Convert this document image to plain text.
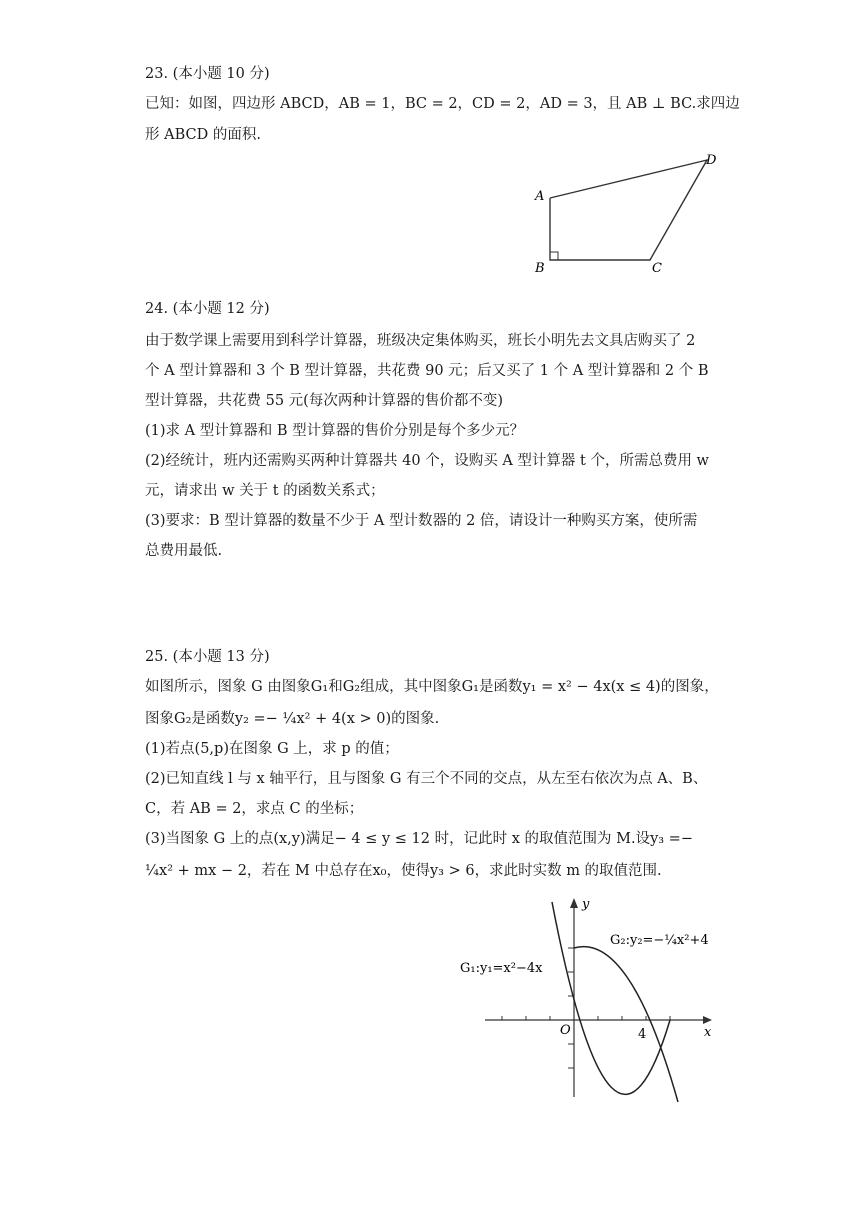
23. (本小题 10 分)
已知：如图，四边形 ABCD，AB = 1，BC = 2，CD = 2，AD = 3，且 AB ⊥ BC.求四边
形 ABCD 的面积.
A
B	C
D
24. (本小题 12 分)
由于数学课上需要用到科学计算器，班级决定集体购买，班长小明先去文具店购买了 2
个 A 型计算器和 3 个 B 型计算器，共花费 90 元；后又买了 1 个 A 型计算器和 2 个 B
型计算器，共花费 55 元(每次两种计算器的售价都不变)
(1)求 A 型计算器和 B 型计算器的售价分别是每个多少元？
(2)经统计，班内还需购买两种计算器共 40 个，设购买 A 型计算器 t 个，所需总费用 w
元，请求出 w 关于 t 的函数关系式；
(3)要求：B 型计算器的数量不少于 A 型计数器的 2 倍，请设计一种购买方案，使所需
总费用最低.
25. (本小题 13 分)
如图所示，图象 G 由图象G₁和G₂组成，其中图象G₁是函数y₁ = x² − 4x(x ≤ 4)的图象，
图象G₂是函数y₂ =− ¼x² + 4(x > 0)的图象.
(1)若点(5,p)在图象 G 上，求 p 的值；
(2)已知直线 l 与 x 轴平行，且与图象 G 有三个不同的交点，从左至右依次为点 A、B、
C，若 AB = 2，求点 C 的坐标；
(3)当图象 G 上的点(x,y)满足− 4 ≤ y ≤ 12 时，记此时 x 的取值范围为 M.设y₃ =−
¼x² + mx − 2，若在 M 中总存在x₀，使得y₃ > 6，求此时实数 m 的取值范围.
y
x
O	4
G₁:y₁=x²−4x
G₂:y₂=−¼x²+4
